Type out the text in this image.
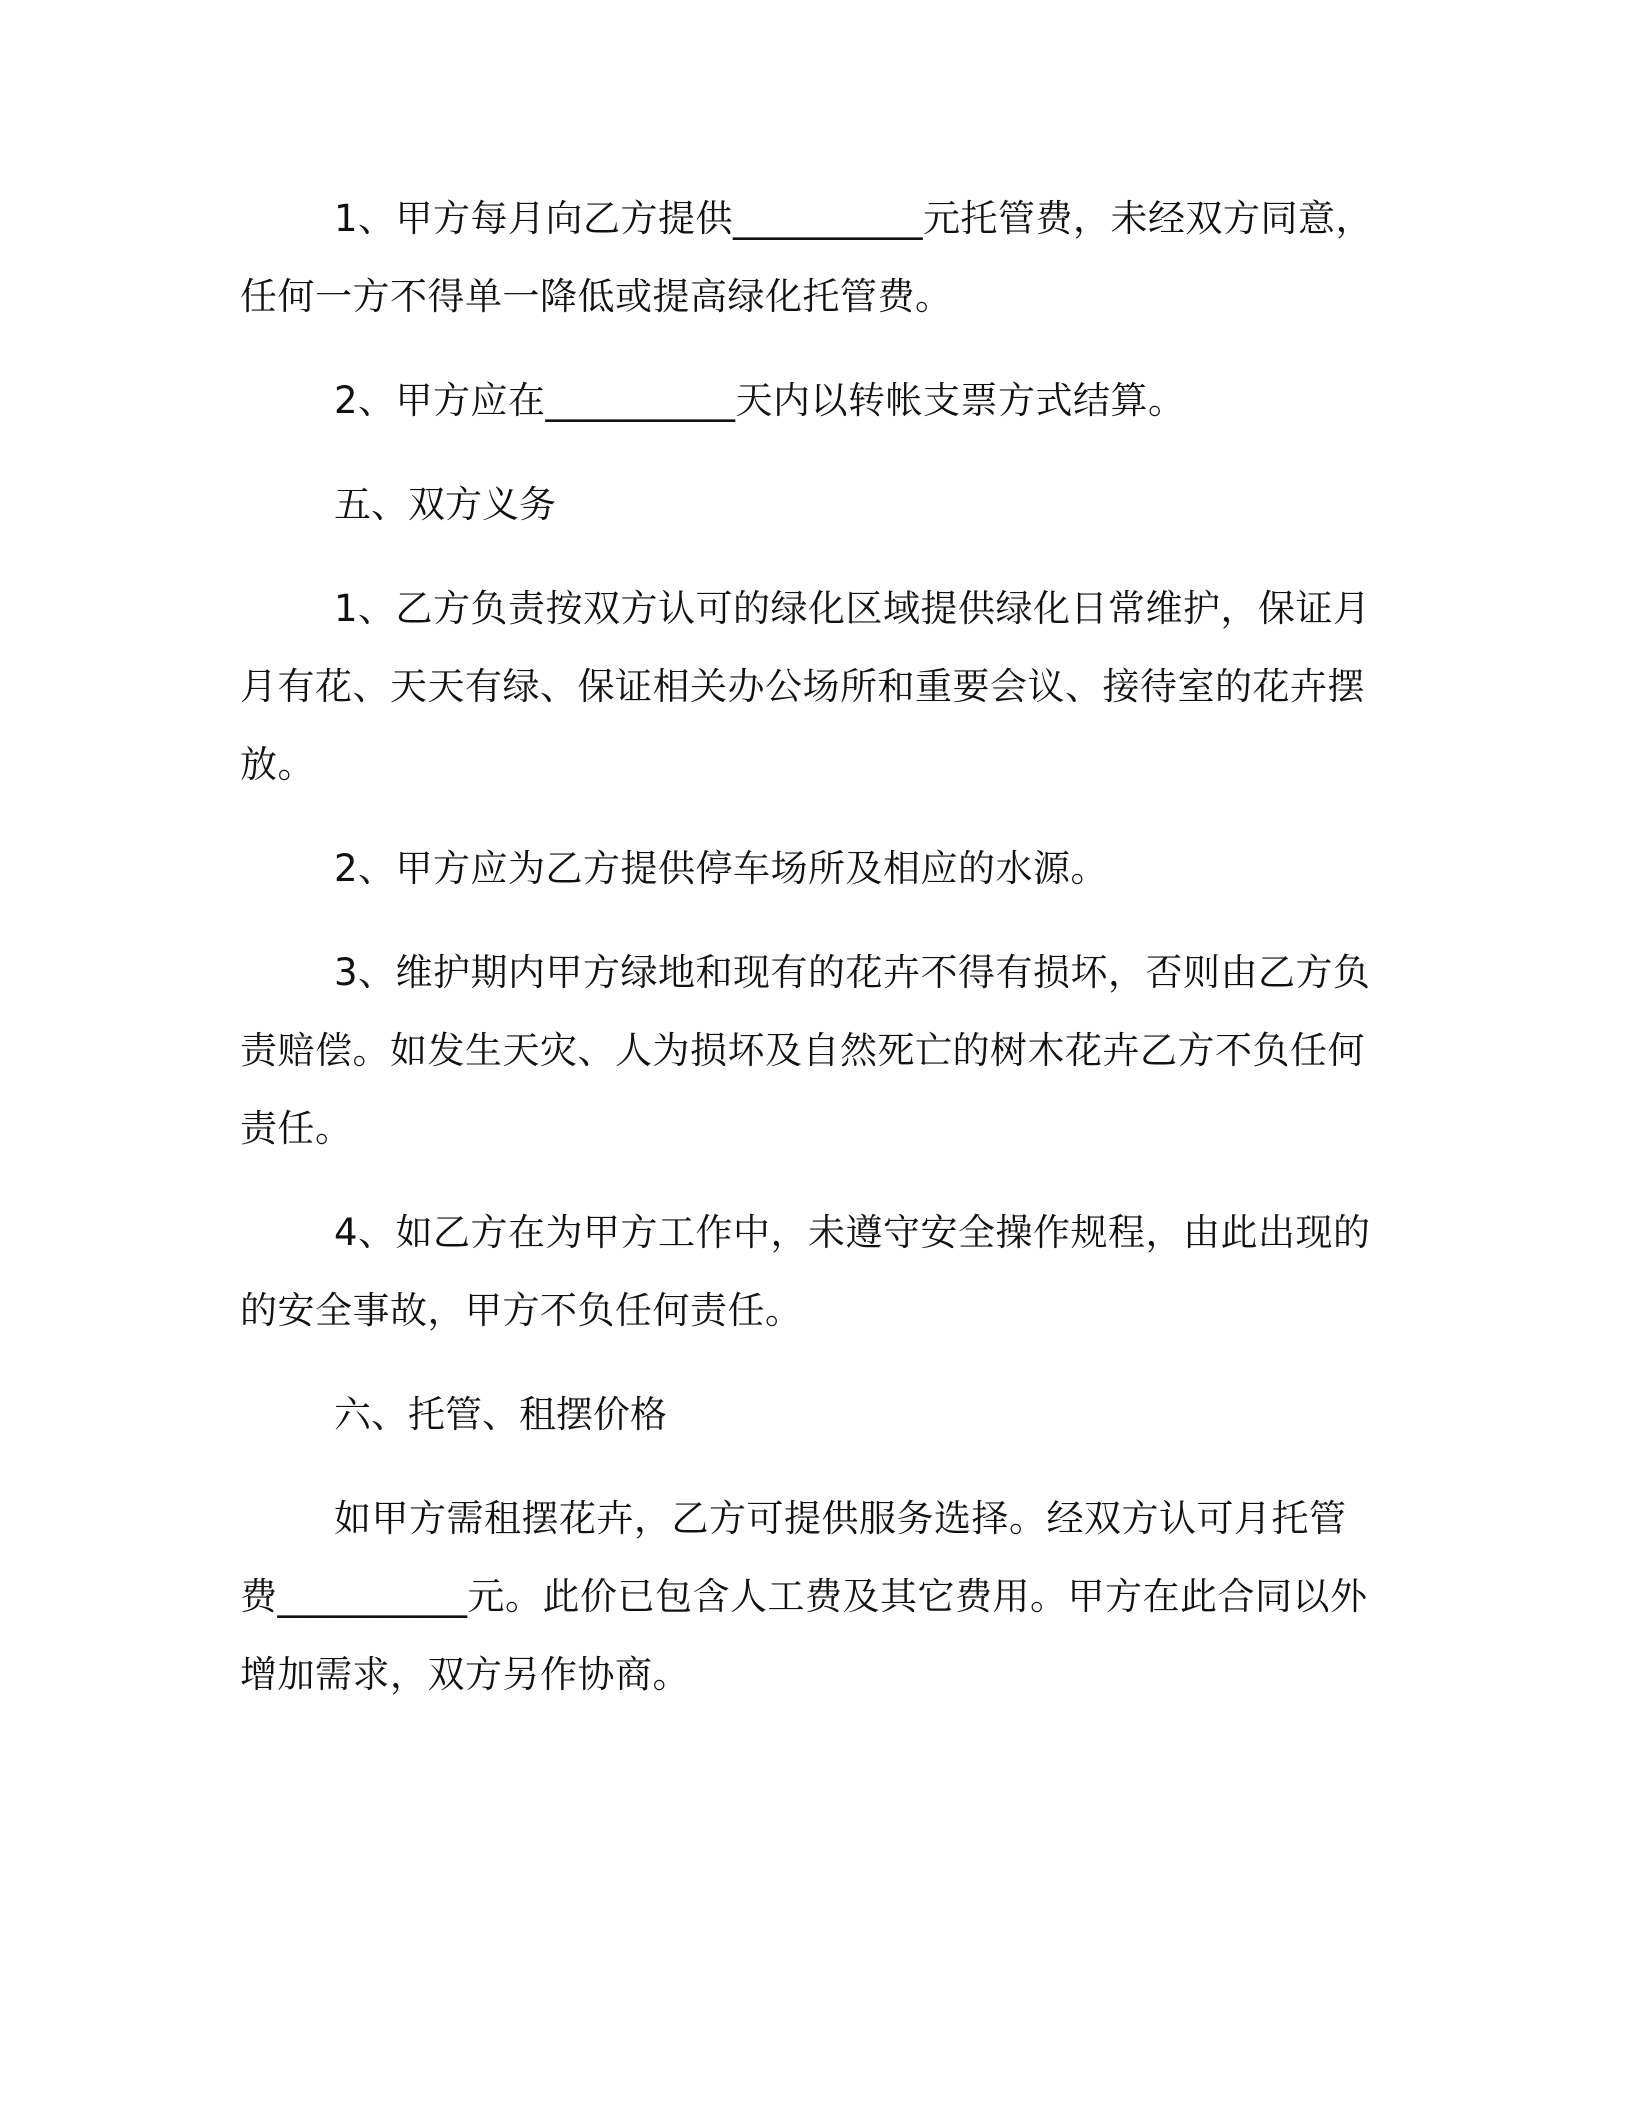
1、甲方每月向乙方提供__________元托管费，未经双方同意，任何一方不得单一降低或提高绿化托管费。

2、甲方应在__________天内以转帐支票方式结算。

五、双方义务

1、乙方负责按双方认可的绿化区域提供绿化日常维护，保证月月有花、天天有绿、保证相关办公场所和重要会议、接待室的花卉摆放。

2、甲方应为乙方提供停车场所及相应的水源。

3、维护期内甲方绿地和现有的花卉不得有损坏，否则由乙方负责赔偿。如发生天灾、人为损坏及自然死亡的树木花卉乙方不负任何责任。

4、如乙方在为甲方工作中，未遵守安全操作规程，由此出现的的安全事故，甲方不负任何责任。

六、托管、租摆价格

如甲方需租摆花卉，乙方可提供服务选择。经双方认可月托管费__________元。此价已包含人工费及其它费用。甲方在此合同以外增加需求，双方另作协商。
